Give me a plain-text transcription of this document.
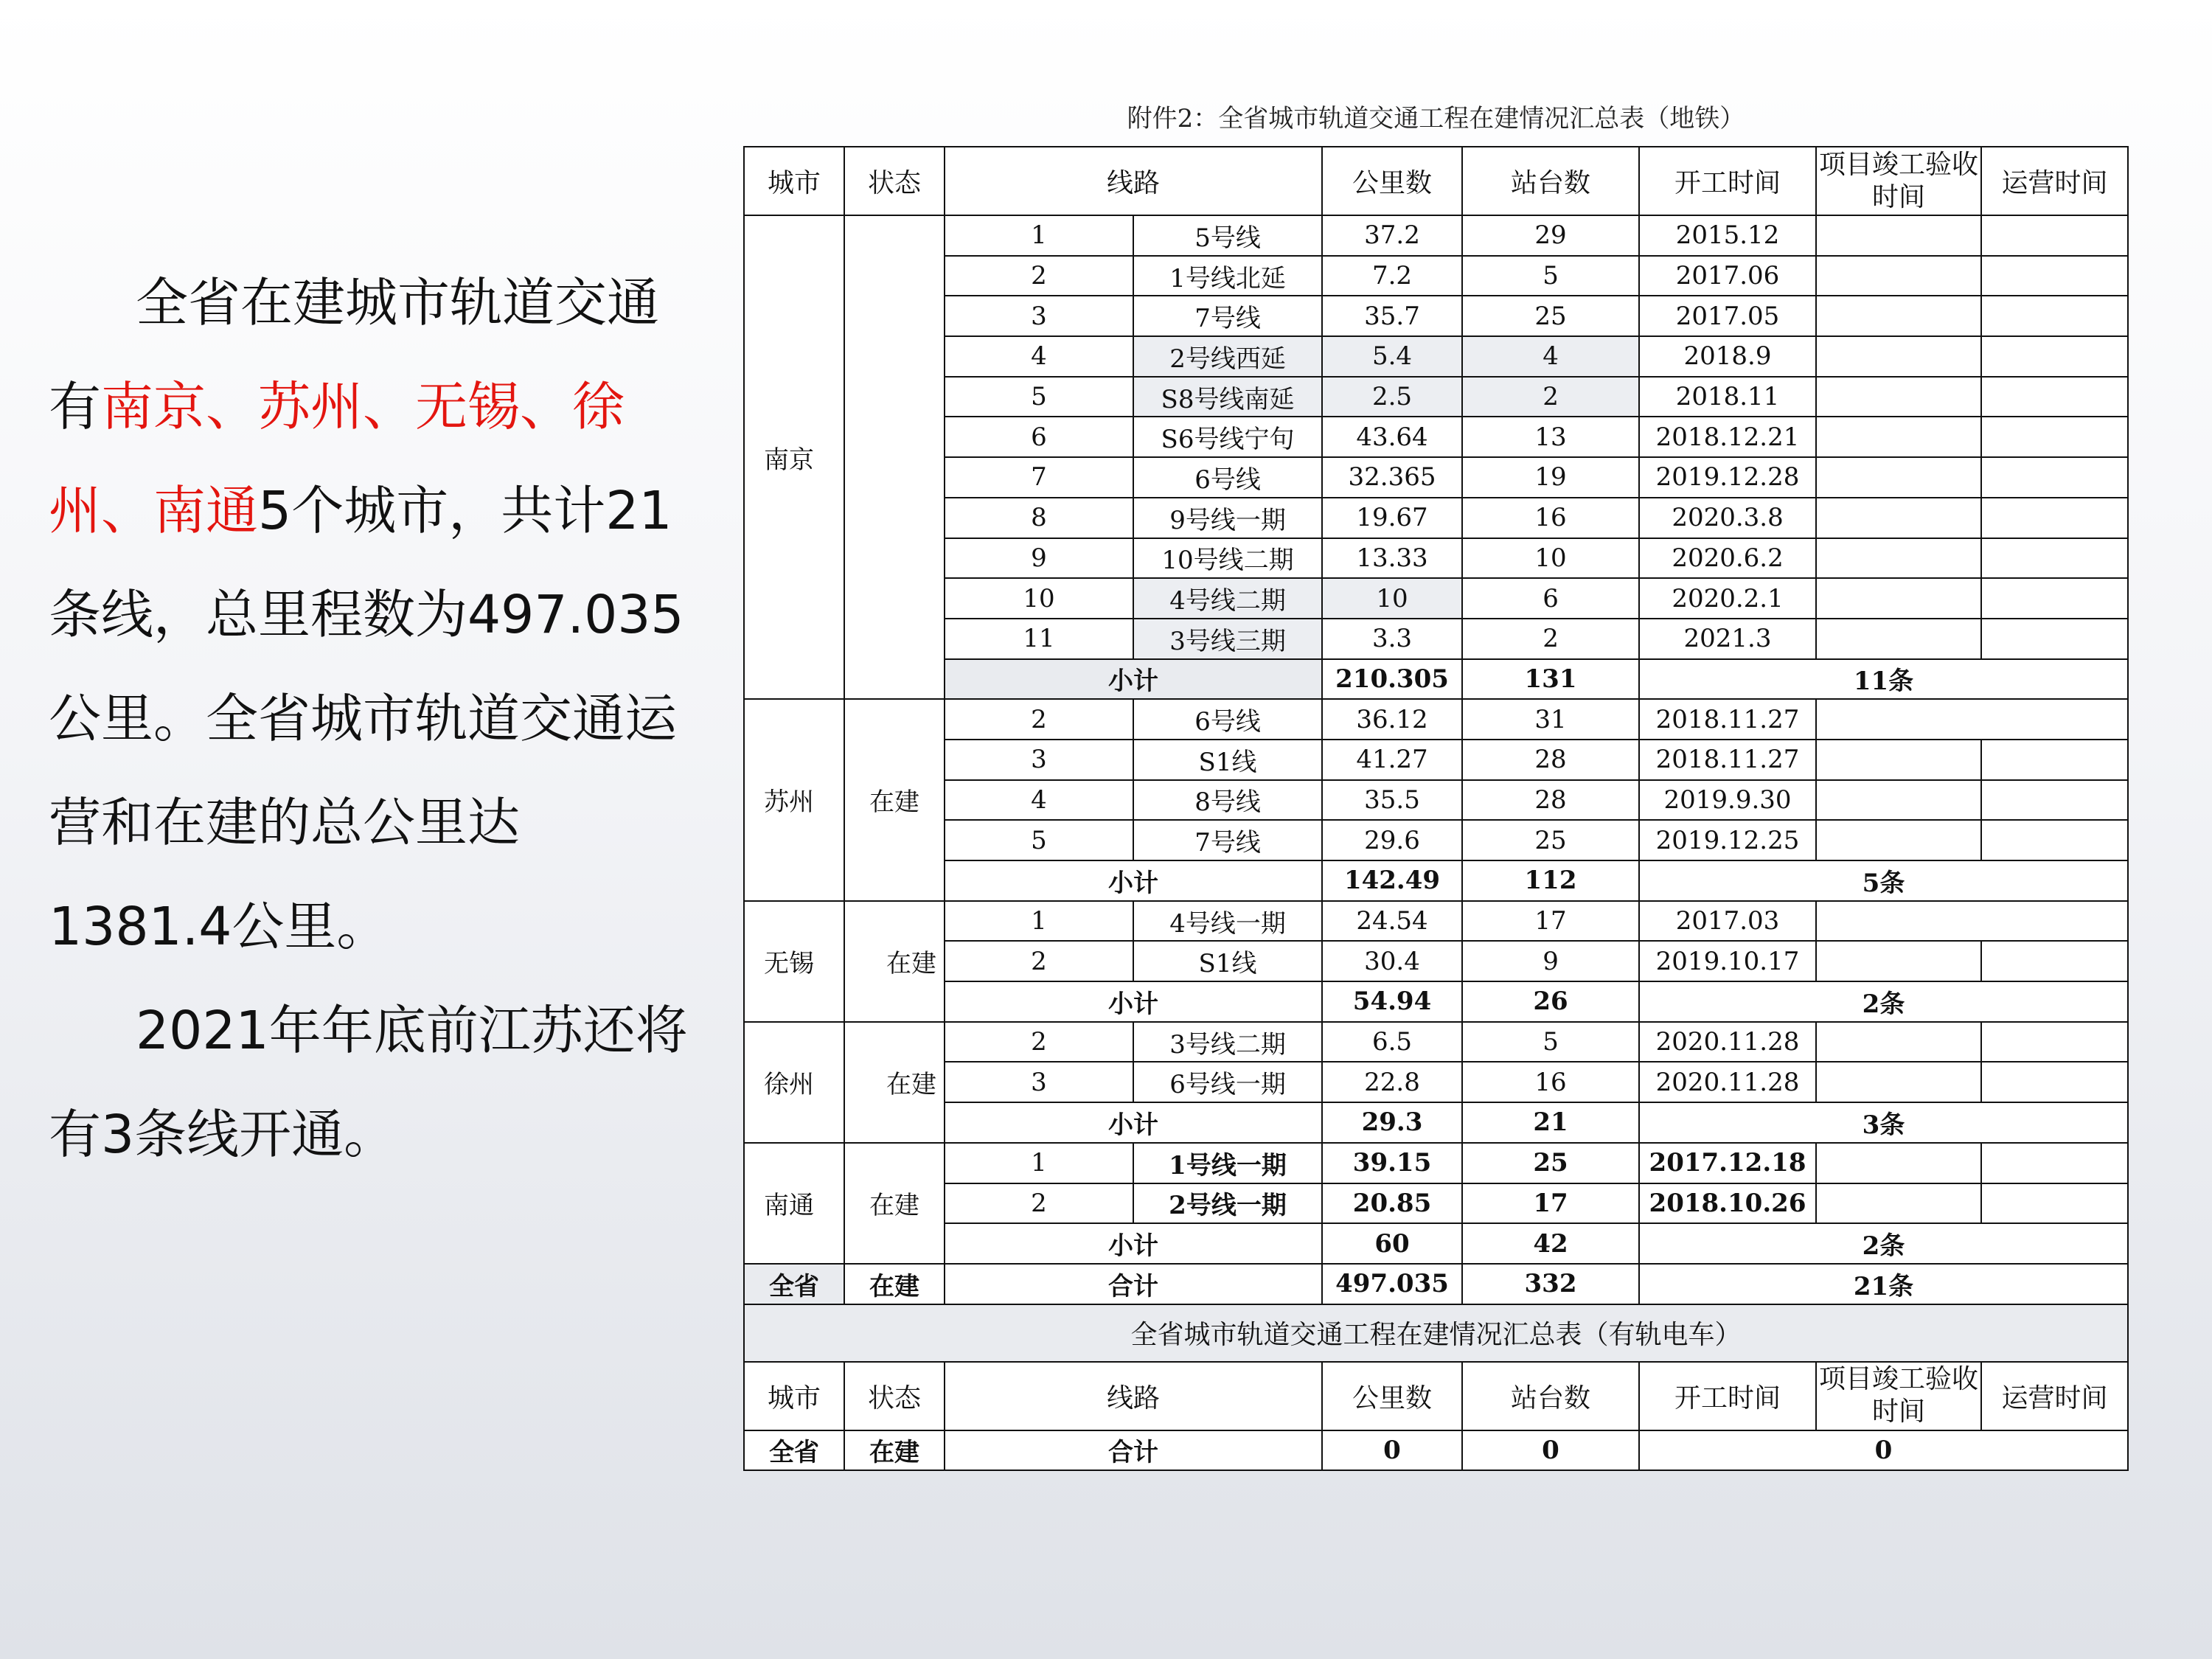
全省在建城市轨道交通有南京、苏州、无锡、徐州、南通5个城市，共计21条线，总里程数为497.035公里。全省城市轨道交通运营和在建的总公里达1381.4公里。

2021年年底前江苏还将有3条线开通。

附件2：全省城市轨道交通工程在建情况汇总表（地铁）
城市	状态	线路		公里数	站台数	开工时间	项目竣工验收时间	运营时间
南京		1	5号线	37.2	29	2015.12		
		2	1号线北延	7.2	5	2017.06		
		3	7号线	35.7	25	2017.05		
		4	2号线西延	5.4	4	2018.9		
		5	S8号线南延	2.5	2	2018.11		
		6	S6号线宁句	43.64	13	2018.12.21		
		7	6号线	32.365	19	2019.12.28		
		8	9号线一期	19.67	16	2020.3.8		
		9	10号线二期	13.33	10	2020.6.2		
		10	4号线二期	10	6	2020.2.1		
		11	3号线三期	3.3	2	2021.3		
		小计		210.305	131	11条		
苏州	在建	2	6号线	36.12	31	2018.11.27		
		3	S1线	41.27	28	2018.11.27		
		4	8号线	35.5	28	2019.9.30		
		5	7号线	29.6	25	2019.12.25		
		小计		142.49	112	5条		
无锡	在建	1	4号线一期	24.54	17	2017.03		
		2	S1线	30.4	9	2019.10.17		
		小计		54.94	26	2条		
徐州	在建	2	3号线二期	6.5	5	2020.11.28		
		3	6号线一期	22.8	16	2020.11.28		
		小计		29.3	21	3条		
南通	在建	1	1号线一期	39.15	25	2017.12.18		
		2	2号线一期	20.85	17	2018.10.26		
		小计		60	42	2条		
全省	在建	合计		497.035	332	21条		
全省城市轨道交通工程在建情况汇总表（有轨电车）								
城市	状态	线路		公里数	站台数	开工时间	项目竣工验收时间	运营时间
全省	在建	合计		0	0	0		
